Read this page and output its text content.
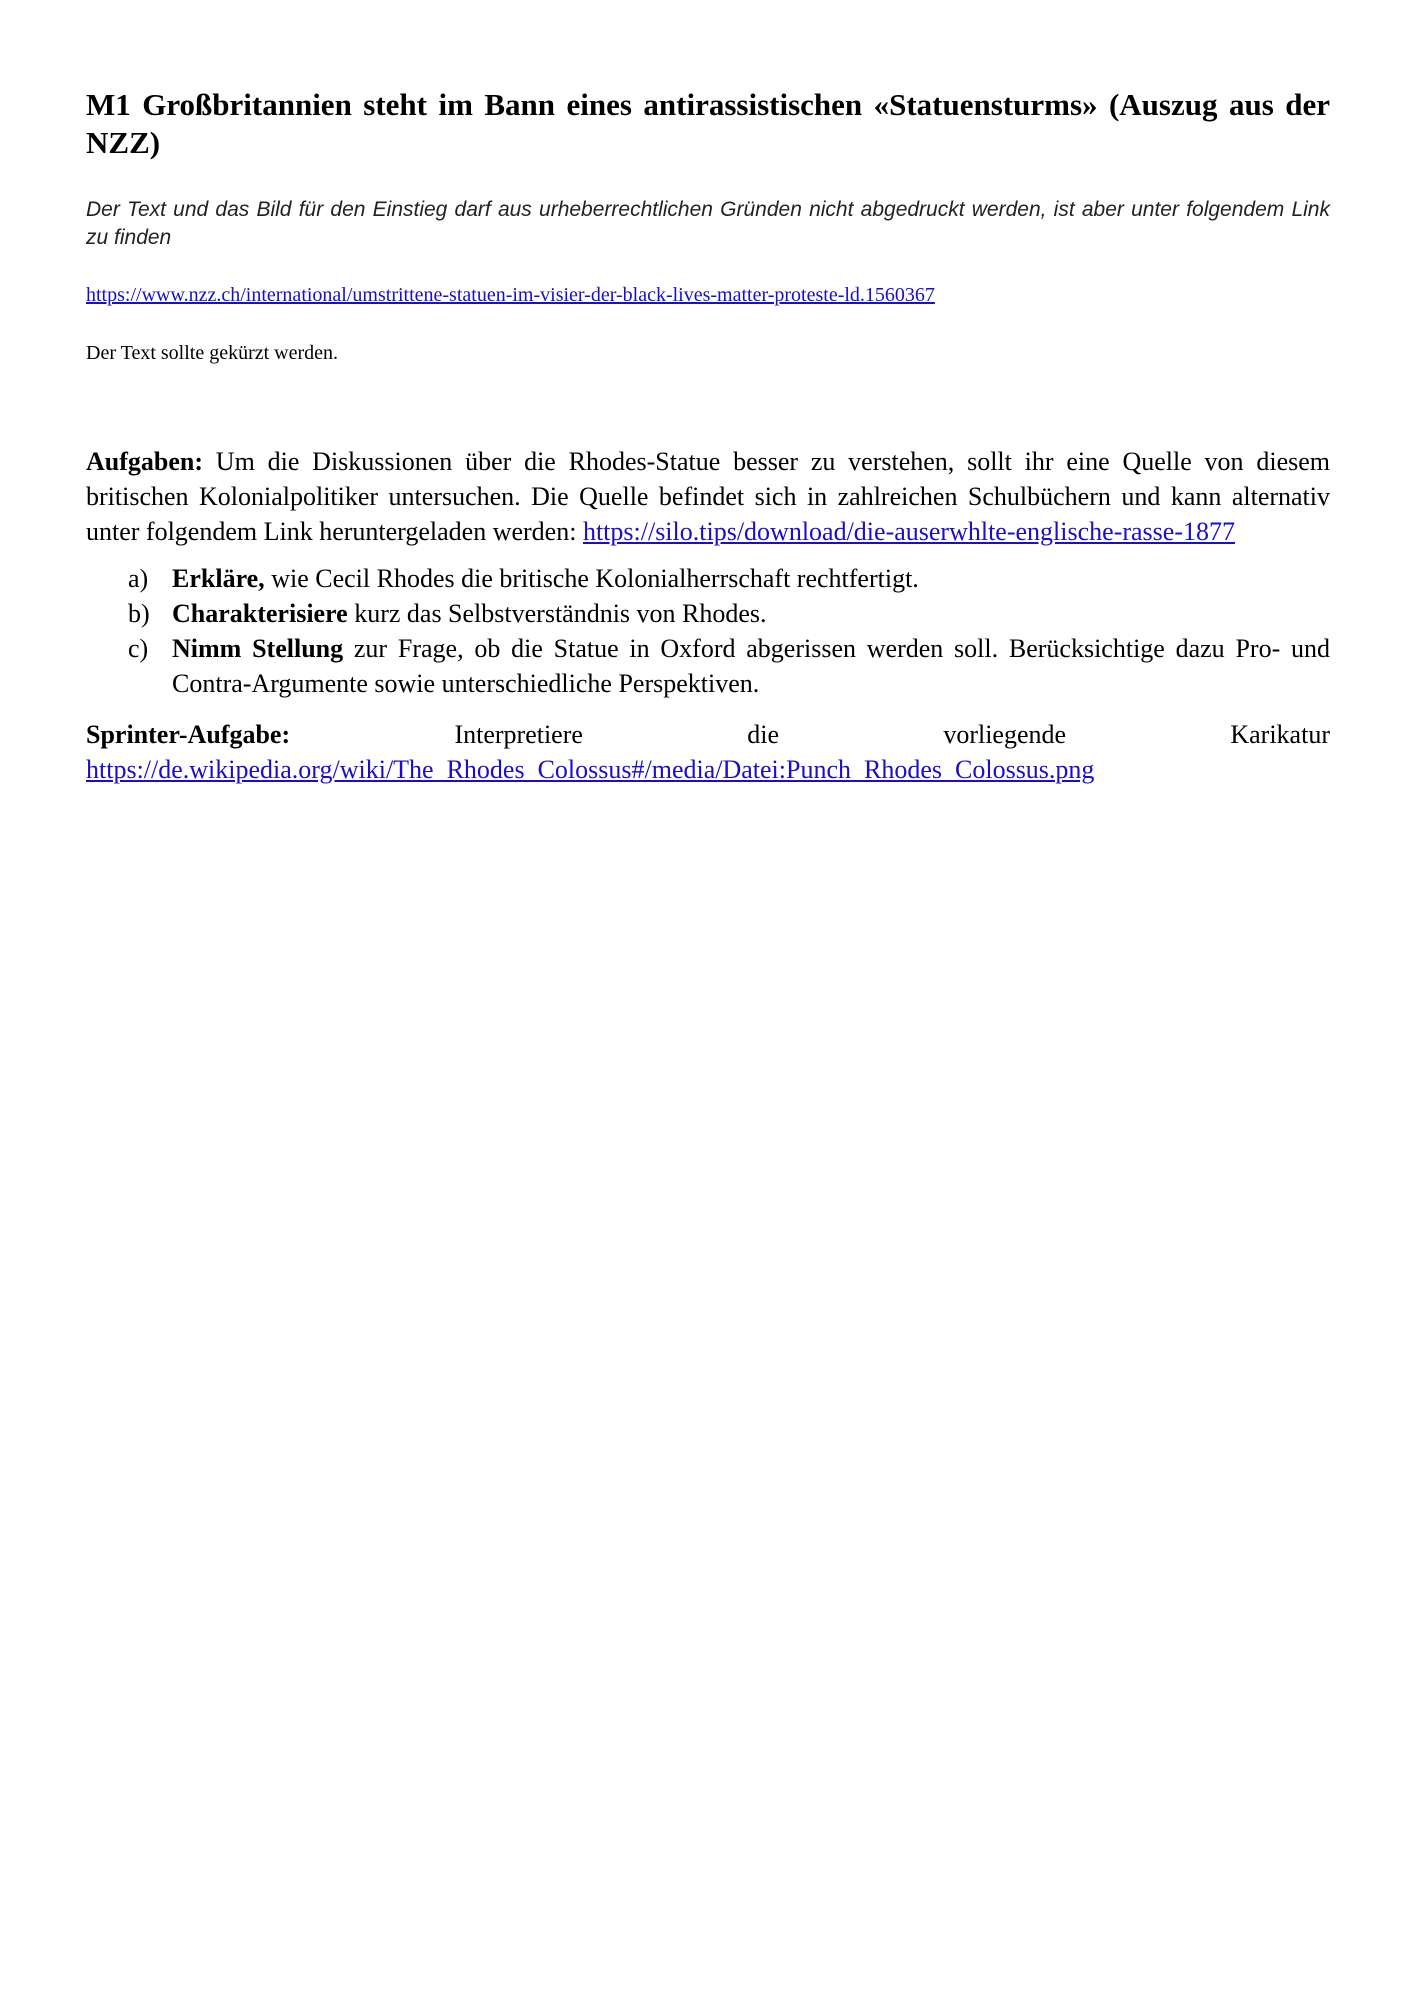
M1 Großbritannien steht im Bann eines antirassistischen «Statuensturms» (Auszug aus der NZZ)

Der Text und das Bild für den Einstieg darf aus urheberrechtlichen Gründen nicht abgedruckt werden, ist aber unter folgendem Link zu finden

https://www.nzz.ch/international/umstrittene-statuen-im-visier-der-black-lives-matter-proteste-ld.1560367
Der Text sollte gekürzt werden.
Aufgaben: Um die Diskussionen über die Rhodes-Statue besser zu verstehen, sollt ihr eine Quelle von diesem britischen Kolonialpolitiker untersuchen. Die Quelle befindet sich in zahlreichen Schulbüchern und kann alternativ unter folgendem Link heruntergeladen werden: https://silo.tips/download/die-auserwhlte-englische-rasse-1877
a) Erkläre, wie Cecil Rhodes die britische Kolonialherrschaft rechtfertigt.
b) Charakterisiere kurz das Selbstverständnis von Rhodes.
c) Nimm Stellung zur Frage, ob die Statue in Oxford abgerissen werden soll. Berücksichtige dazu Pro- und Contra-Argumente sowie unterschiedliche Perspektiven.
Sprinter-Aufgabe:	Interpretiere	die	vorliegende	Karikatur
https://de.wikipedia.org/wiki/The_Rhodes_Colossus#/media/Datei:Punch_Rhodes_Colossus.png
